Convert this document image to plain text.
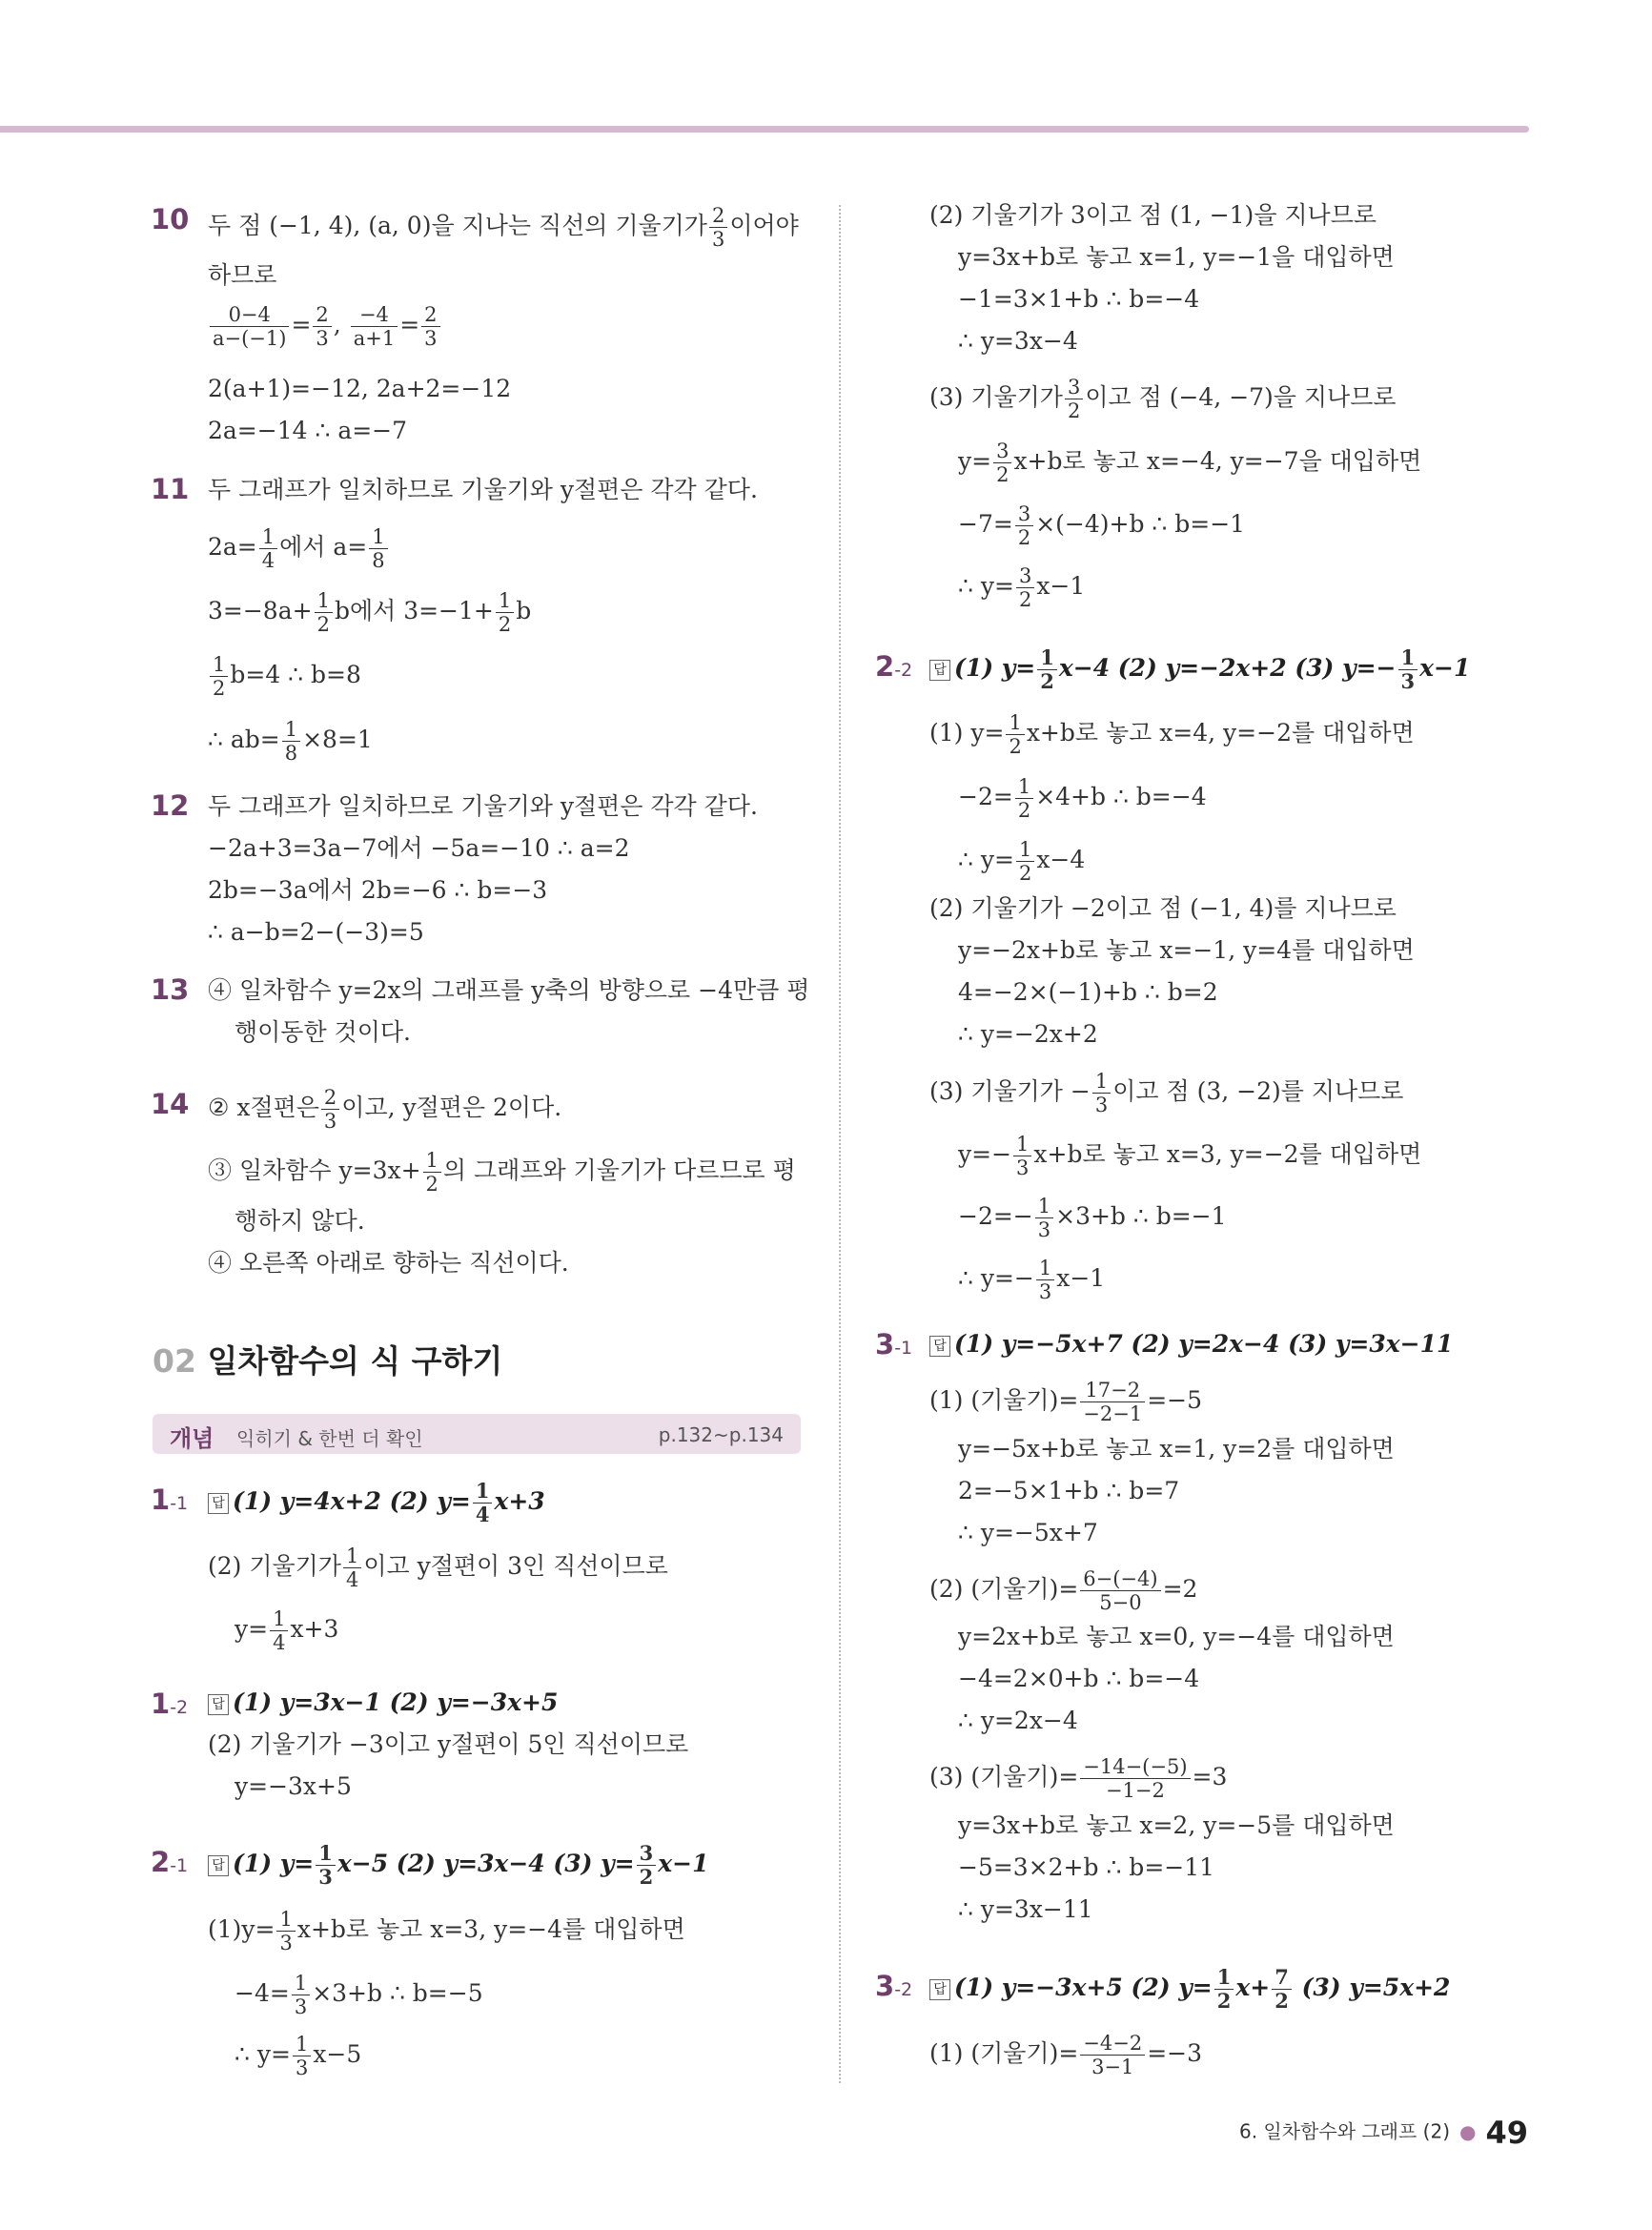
10 두 점 (−1, 4), (a, 0)을 지나는 직선의 기울기가 $\frac{2}{3}$ 이어야
하므로
$\frac{0-4}{a-(-1)} = \frac{2}{3}$ , $\frac{-4}{a+1} = \frac{2}{3}$
2(a+1)=−12, 2a+2=−12
2a=−14 ∴ a=−7
11 두 그래프가 일치하므로 기울기와 y절편은 각각 같다.
$2a= \frac{1}{4}$ 에서 $a= \frac{1}{8}$
$3=-8a+ \frac{1}{2}$ b에서 $3=-1+ \frac{1}{2}$ b
$\frac{1}{2} b=4$ ∴ b=8
∴ $ab= \frac{1}{8} \times 8=1$
12 두 그래프가 일치하므로 기울기와 y절편은 각각 같다.
−2a+3=3a−7에서 −5a=−10 ∴ a=2
2b=−3a에서 2b=−6 ∴ b=−3
∴ a−b=2−(−3)=5
13 ④ 일차함수 y=2x의 그래프를 y축의 방향으로 −4만큼 평
행이동한 것이다.
14 ② x절편은 $\frac{2}{3}$ 이고, y절편은 2이다.
③ 일차함수 $y=3x+ \frac{1}{2}$ 의 그래프와 기울기가 다르므로 평
행하지 않다.
④ 오른쪽 아래로 향하는 직선이다.
02 일차함수의 식 구하기
개념 익히기 & 한번 더 확인	p.132~p.134
1-1	답 (1) y=4x+2 (2) $y= \frac{1}{4} x+3$
(2) 기울기가 $\frac{1}{4}$ 이고 y절편이 3인 직선이므로
$y= \frac{1}{4} x+3$
1-2	답 (1) y=3x−1 (2) y=−3x+5
(2) 기울기가 −3이고 y절편이 5인 직선이므로
y=−3x+5
2-1	답 (1) $y= \frac{1}{3} x-5$ (2) y=3x−4 (3) $y= \frac{3}{2} x-1$
$(1)y= \frac{1}{3} x+b$로 놓고 x=3, y=−4를 대입하면
$-4= \frac{1}{3} \times 3+b$ ∴ b=−5
∴ $y= \frac{1}{3} x-5$
(2) 기울기가 3이고 점 (1, −1)을 지나므로
y=3x+b로 놓고 x=1, y=−1을 대입하면
−1=3×1+b ∴ b=−4
∴ y=3x−4
(3) 기울기가 $\frac{3}{2}$ 이고 점 (−4, −7)을 지나므로
$y= \frac{3}{2} x+b$로 놓고 x=−4, y=−7을 대입하면
$-7= \frac{3}{2} \times(-4)+b$ ∴ b=−1
∴ $y= \frac{3}{2} x-1$
2-2	답 (1) $y= \frac{1}{2} x-4$ (2) y=−2x+2 (3) $y=- \frac{1}{3} x-1$
(1) $y= \frac{1}{2} x+b$로 놓고 x=4, y=−2를 대입하면
$-2= \frac{1}{2} \times 4+b$ ∴ b=−4
∴ $y= \frac{1}{2} x-4$
(2) 기울기가 −2이고 점 (−1, 4)를 지나므로
y=−2x+b로 놓고 x=−1, y=4를 대입하면
4=−2×(−1)+b ∴ b=2
∴ y=−2x+2
(3) 기울기가 − $\frac{1}{3}$ 이고 점 (3, −2)를 지나므로
$y=- \frac{1}{3} x+b$로 놓고 x=3, y=−2를 대입하면
$-2=- \frac{1}{3} \times 3+b$ ∴ b=−1
∴ $y=- \frac{1}{3} x-1$
3-1	답 (1) y=−5x+7 (2) y=2x−4 (3) y=3x−11
(1) (기울기)= $\frac{17-2}{-2-1} =-5$
y=−5x+b로 놓고 x=1, y=2를 대입하면
2=−5×1+b ∴ b=7
∴ y=−5x+7
(2) (기울기)= $\frac{6-(-4)}{5-0} =2$
y=2x+b로 놓고 x=0, y=−4를 대입하면
−4=2×0+b ∴ b=−4
∴ y=2x−4
(3) (기울기)= $\frac{-14-(-5)}{-1-2} =3$
y=3x+b로 놓고 x=2, y=−5를 대입하면
−5=3×2+b ∴ b=−11
∴ y=3x−11
3-2	답 (1) y=−3x+5 (2) $y= \frac{1}{2} x+ \frac{7}{2} (3)$ y=5x+2
(1) (기울기)= $\frac{-4-2}{3-1} =-3$
6. 일차함수와 그래프 (2) ● 49
